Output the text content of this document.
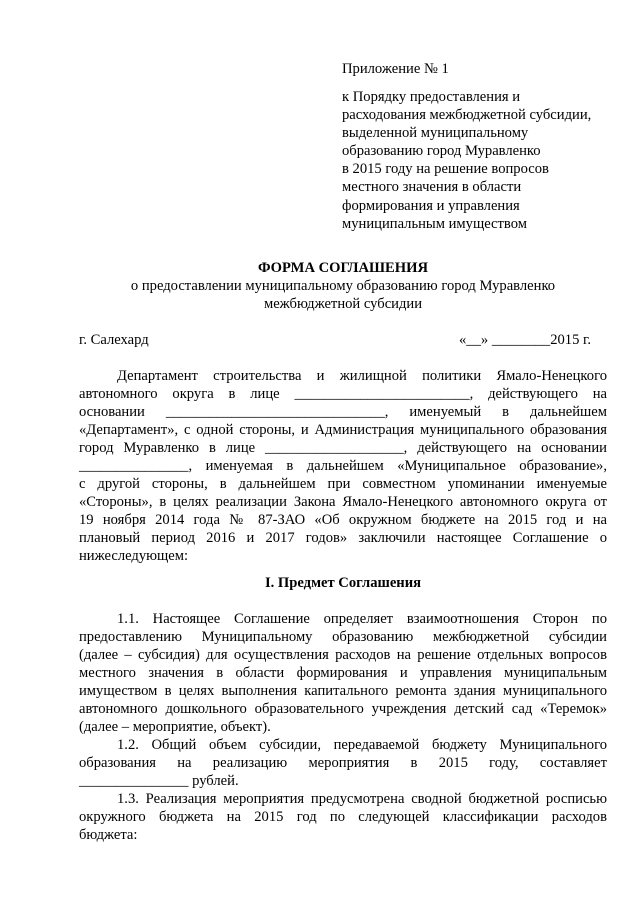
Приложение № 1
к Порядку предоставления и
расходования межбюджетной субсидии,
выделенной муниципальному
образованию город Муравленко
в 2015 году на решение вопросов
местного значения в области
формирования и управления
муниципальным имуществом
ФОРМА СОГЛАШЕНИЯ
о предоставлении муниципальному образованию город Муравленко
межбюджетной субсидии
г. Салехард	«__» ________2015 г.
Департамент строительства и жилищной политики Ямало-Ненецкого
автономного округа в лице ________________________, действующего на
основании ______________________________, именуемый в дальнейшем
«Департамент», с одной стороны, и Администрация муниципального образования
город Муравленко в лице ___________________, действующего на основании
_______________, именуемая в дальнейшем «Муниципальное образование»,
с другой стороны, в дальнейшем при совместном упоминании именуемые
«Стороны», в целях реализации Закона Ямало-Ненецкого автономного округа от
19 ноября 2014 года № 87-ЗАО «Об окружном бюджете на 2015 год и на
плановый период 2016 и 2017 годов» заключили настоящее Соглашение о
нижеследующем:
I. Предмет Соглашения
1.1. Настоящее Соглашение определяет взаимоотношения Сторон по
предоставлению Муниципальному образованию межбюджетной субсидии
(далее – субсидия) для осуществления расходов на решение отдельных вопросов
местного значения в области формирования и управления муниципальным
имуществом в целях выполнения капитального ремонта здания муниципального
автономного дошкольного образовательного учреждения детский сад «Теремок»
(далее – мероприятие, объект).
1.2. Общий объем субсидии, передаваемой бюджету Муниципального
образования на реализацию мероприятия в 2015 году, составляет
_______________ рублей.
1.3. Реализация мероприятия предусмотрена сводной бюджетной росписью
окружного бюджета на 2015 год по следующей классификации расходов
бюджета:
